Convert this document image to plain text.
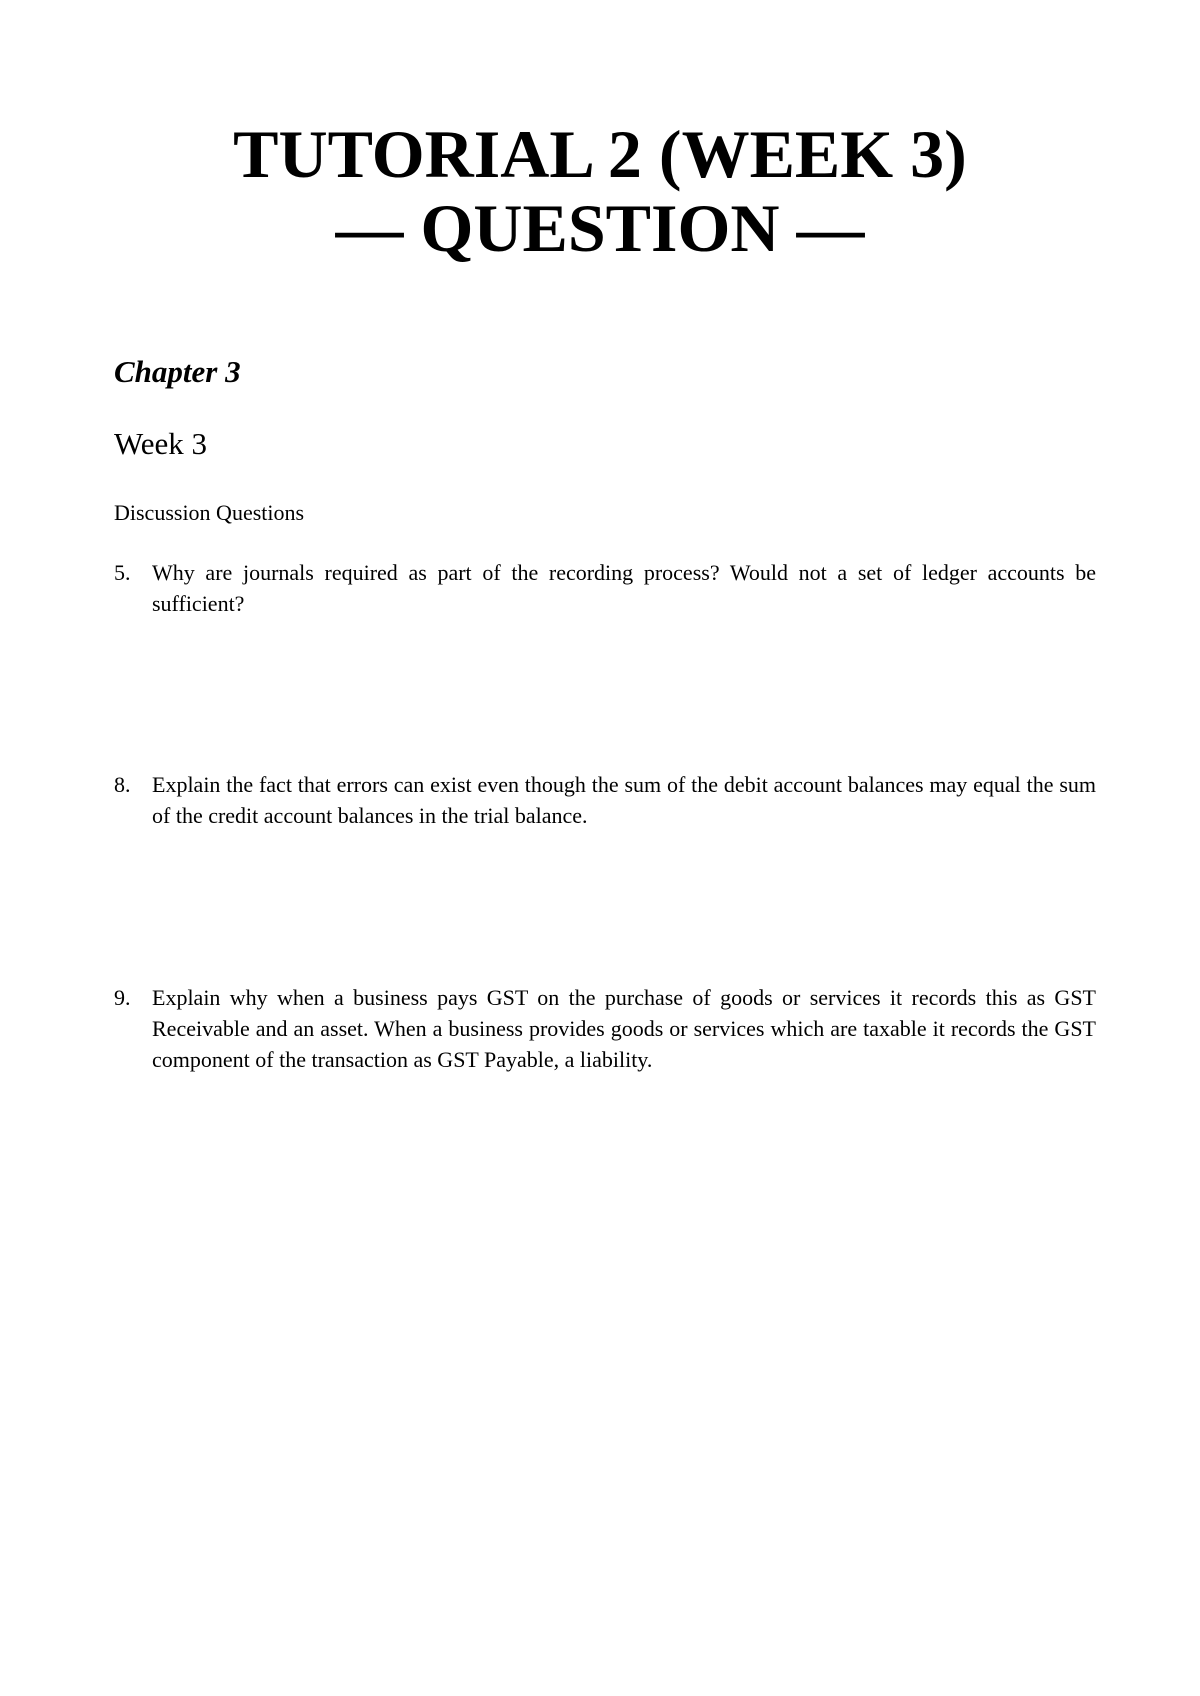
TUTORIAL 2 (WEEK 3)
— QUESTION —
Chapter 3
Week 3

Discussion Questions

5. Why are journals required as part of the recording process? Would not a set of ledger accounts be sufficient?
8. Explain the fact that errors can exist even though the sum of the debit account balances may equal the sum of the credit account balances in the trial balance.
9. Explain why when a business pays GST on the purchase of goods or services it records this as GST Receivable and an asset. When a business provides goods or services which are taxable it records the GST component of the transaction as GST Payable, a liability.
